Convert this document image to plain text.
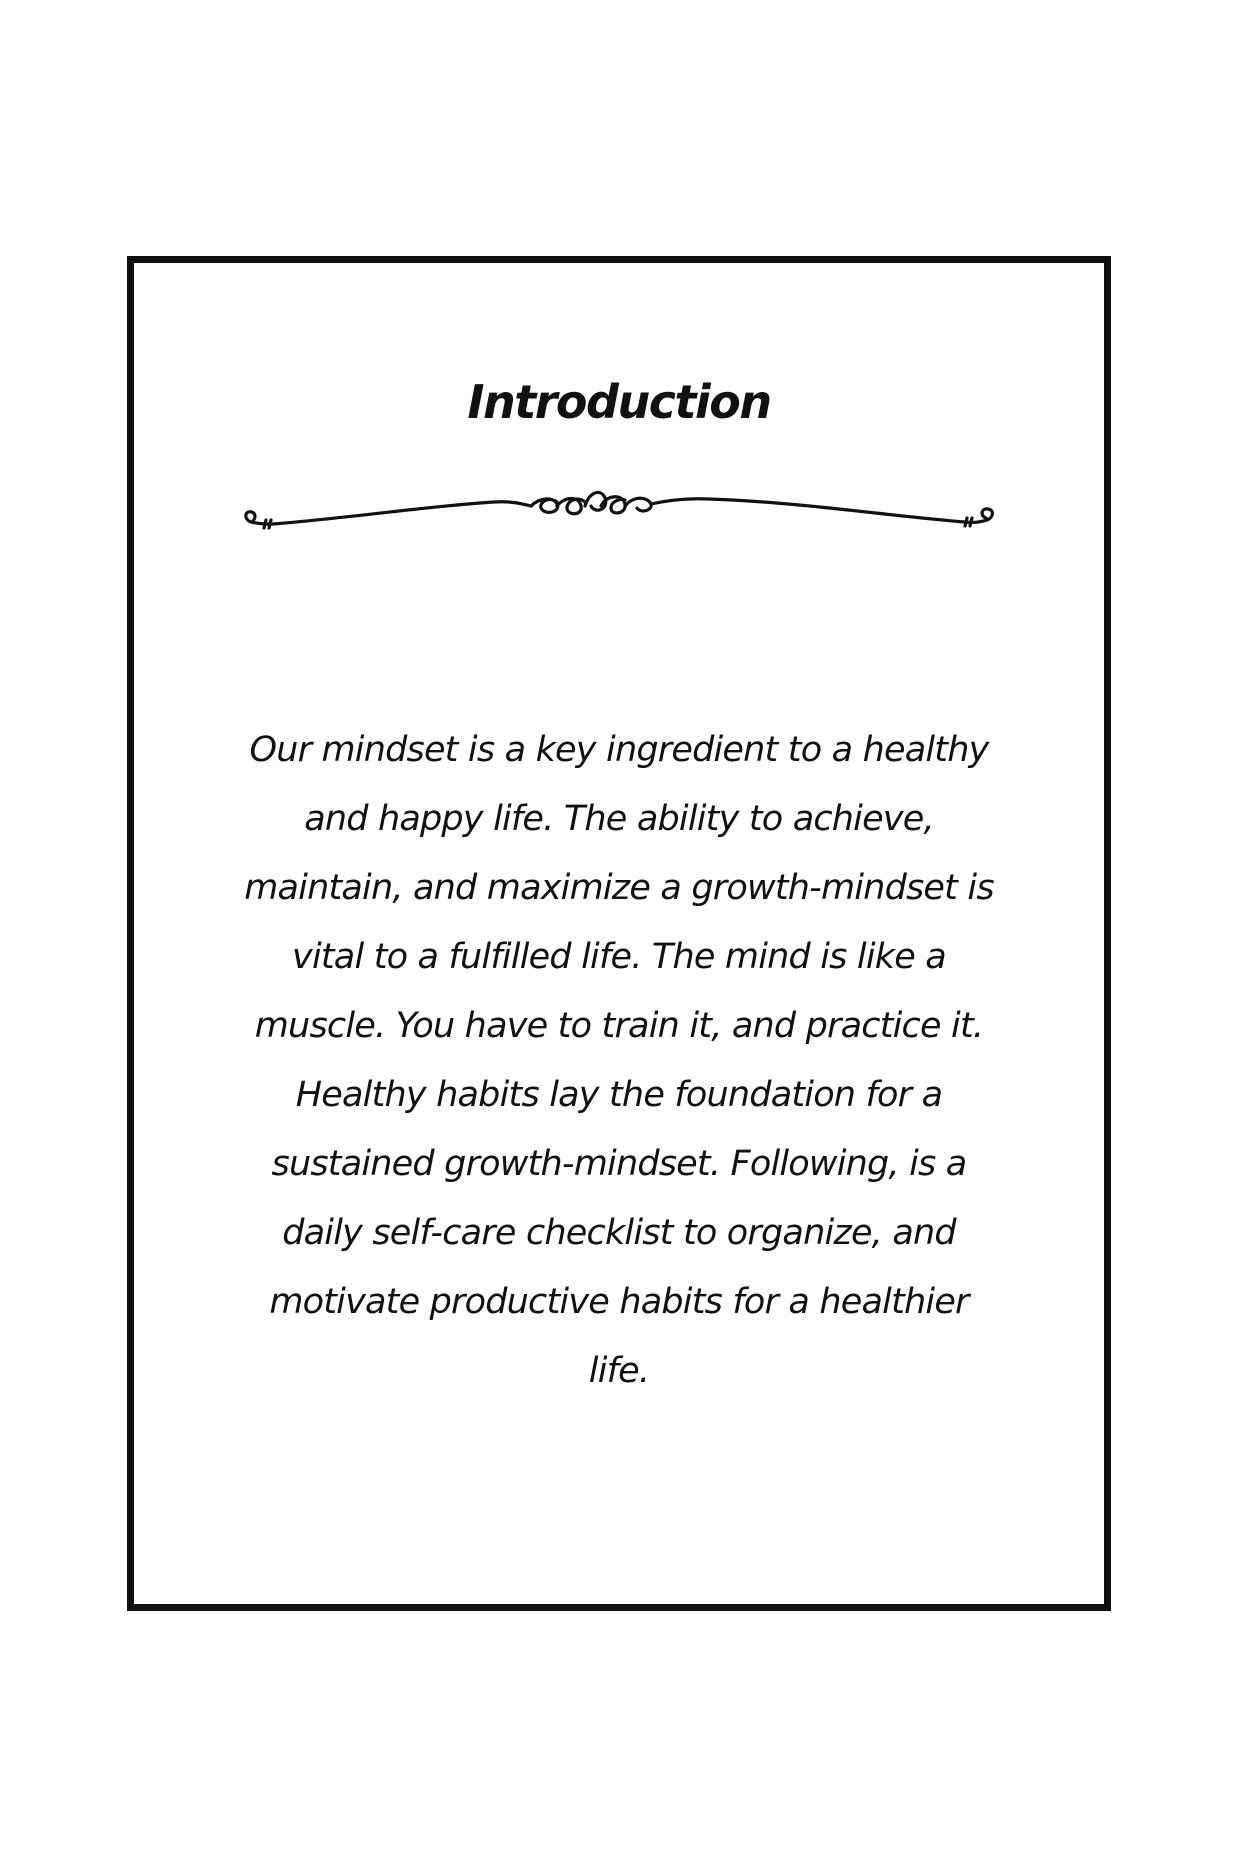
Introduction

Our mindset is a key ingredient to a healthy and happy life. The ability to achieve, maintain, and maximize a growth-mindset is vital to a fulfilled life. The mind is like a muscle. You have to train it, and practice it. Healthy habits lay the foundation for a sustained growth-mindset. Following, is a daily self-care checklist to organize, and motivate productive habits for a healthier life.
